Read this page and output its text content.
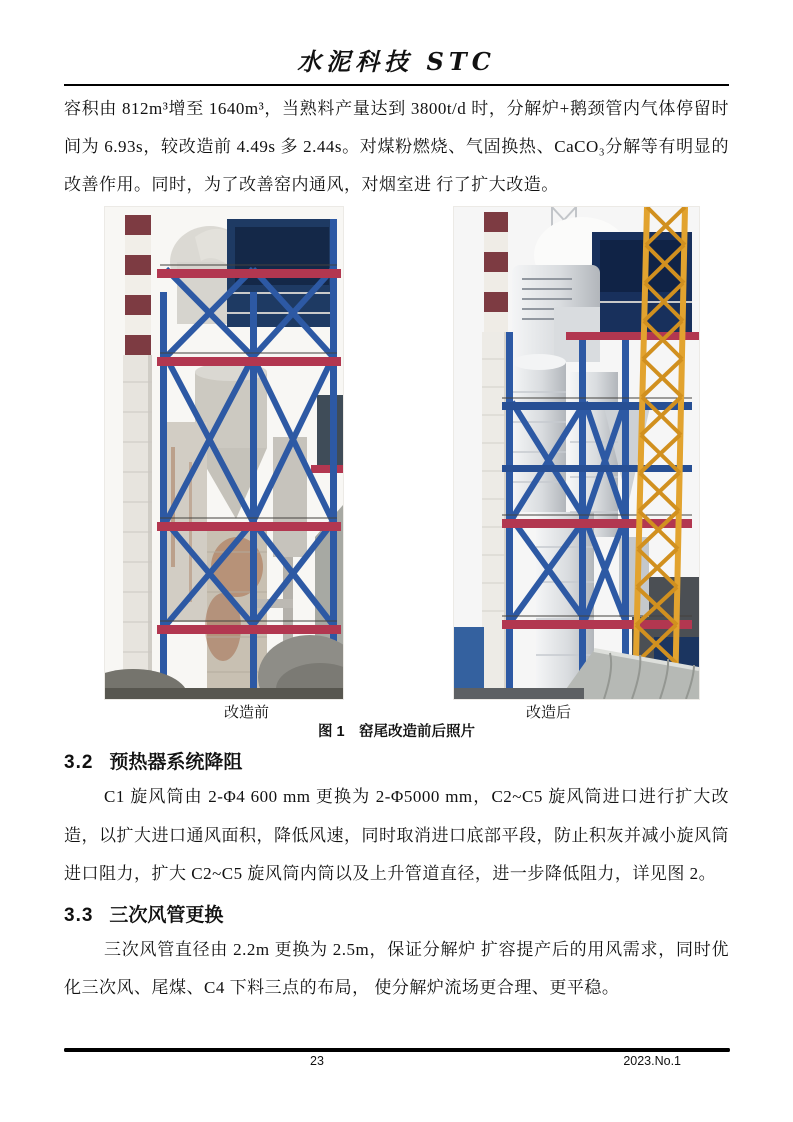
水泥科技 STC
容积由 812m³增至 1640m³，当熟料产量达到 3800t/d 时，分解炉+鹅颈管内气体停留时间为 6.93s，较改造前 4.49s 多 2.44s。对煤粉燃烧、气固换热、CaCO₃分解等有明显的改善作用。同时，为了改善窑内通风，对烟室进 行了扩大改造。
改造前	改造后
图 1　窑尾改造前后照片
3.2 预热器系统降阻
C1 旋风筒由 2-Φ4 600 mm 更换为 2-Φ5000 mm，C2~C5 旋风筒进口进行扩大改造，以扩大进口通风面积，降低风速，同时取消进口底部平段，防止积灰并减小旋风筒进口阻力，扩大 C2~C5 旋风筒内筒以及上升管道直径，进一步降低阻力，详见图 2。
3.3 三次风管更换
三次风管直径由 2.2m 更换为 2.5m，保证分解炉 扩容提产后的用风需求，同时优化三次风、尾煤、C4 下料三点的布局， 使分解炉流场更合理、更平稳。
23	2023.No.1
